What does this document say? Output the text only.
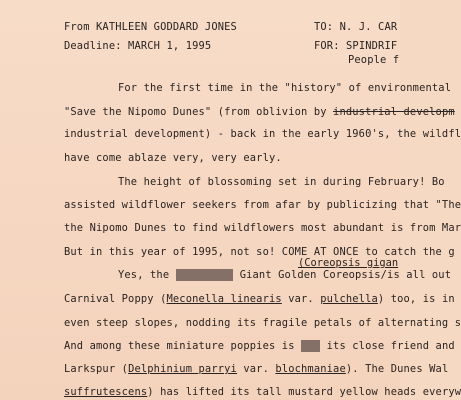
From KATHLEEN GODDARD JONES
Deadline: MARCH 1, 1995
TO: N. J. CAR
FOR: SPINDRIF
People f
For the first time in the "history" of environmental
"Save the Nipomo Dunes" (from oblivion by industrial developm
industrial development) - back in the early 1960's, the wildfl
have come ablaze very, very early.
The height of blossoming set in during February! Bo
assisted wildflower seekers from afar by publicizing that "The
the Nipomo Dunes to find wildflowers most abundant is from Mar
But in this year of 1995, not so! COME AT ONCE to catch the g
(Coreopsis gigan
Yes, the	Giant Golden Coreopsis/is all out
Carnival Poppy (Meconella linearis var. pulchella) too, is in
even steep slopes, nodding its fragile petals of alternating s
And among these miniature poppies is	its close friend and
Larkspur (Delphinium parryi var. blochmaniae). The Dunes Wal
suffrutescens) has lifted its tall mustard yellow heads everyw
